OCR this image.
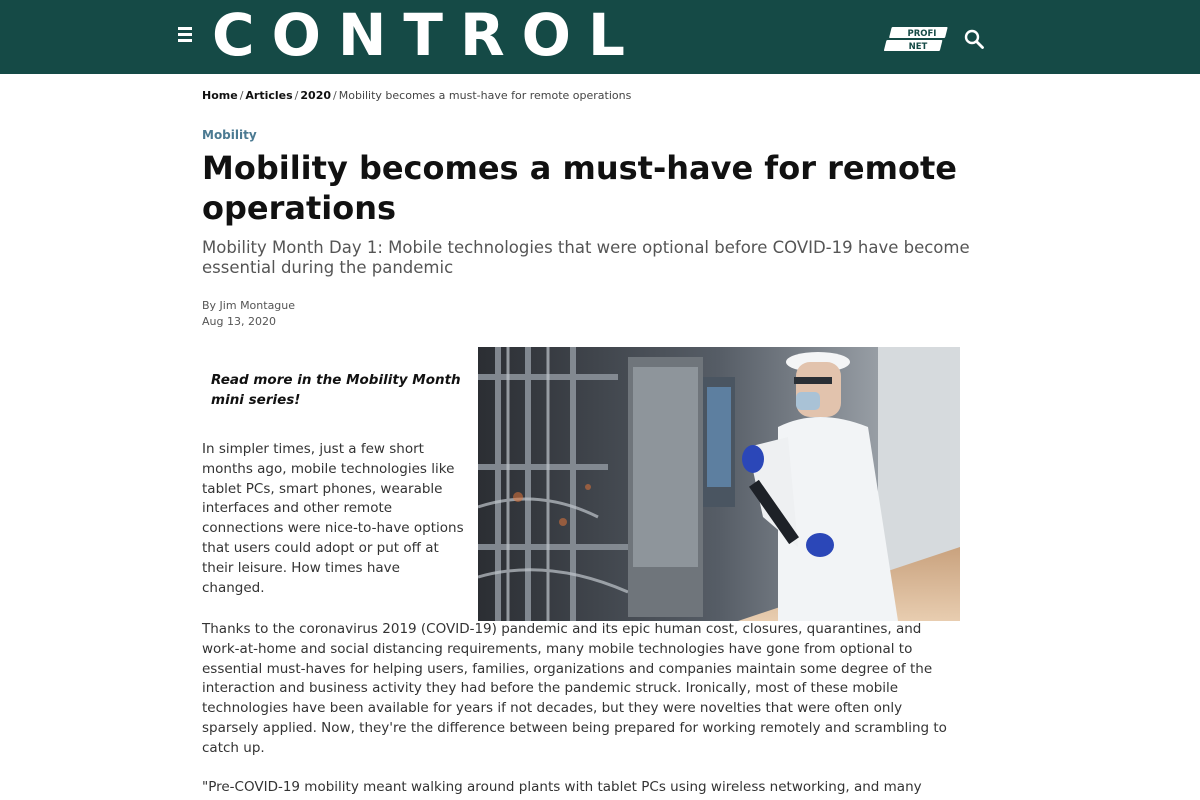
CONTROL	PROFI
NET
Home / Articles / 2020 / Mobility becomes a must-have for remote operations
Mobility
Mobility becomes a must-have for remote operations
Mobility Month Day 1: Mobile technologies that were optional before COVID-19 have become essential during the pandemic
By Jim Montague
Aug 13, 2020
Read more in the Mobility Month mini series!

In simpler times, just a few short months ago, mobile technologies like tablet PCs, smart phones, wearable interfaces and other remote connections were nice-to-have options that users could adopt or put off at their leisure. How times have changed.

Thanks to the coronavirus 2019 (COVID-19) pandemic and its epic human cost, closures, quarantines, and work-at-home and social distancing requirements, many mobile technologies have gone from optional to essential must-haves for helping users, families, organizations and companies maintain some degree of the interaction and business activity they had before the pandemic struck. Ironically, most of these mobile technologies have been available for years if not decades, but they were novelties that were often only sparsely applied. Now, they're the difference between being prepared for working remotely and scrambling to catch up.

"Pre-COVID-19 mobility meant walking around plants with tablet PCs using wireless networking, and many
